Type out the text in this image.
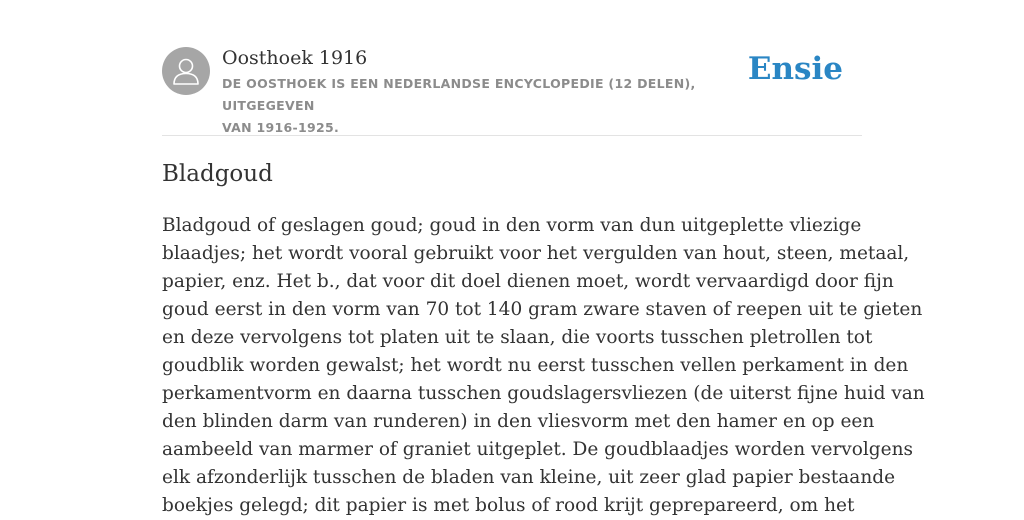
Oosthoek 1916
DE OOSTHOEK IS EEN NEDERLANDSE ENCYCLOPEDIE (12 DELEN), UITGEGEVEN
VAN 1916-1925.
Ensie
Bladgoud
Bladgoud of geslagen goud; goud in den vorm van dun uitgeplette vliezige
blaadjes; het wordt vooral gebruikt voor het vergulden van hout, steen, metaal,
papier, enz. Het b., dat voor dit doel dienen moet, wordt vervaardigd door fijn
goud eerst in den vorm van 70 tot 140 gram zware staven of reepen uit te gieten
en deze vervolgens tot platen uit te slaan, die voorts tusschen pletrollen tot
goudblik worden gewalst; het wordt nu eerst tusschen vellen perkament in den
perkamentvorm en daarna tusschen goudslagersvliezen (de uiterst fijne huid van
den blinden darm van runderen) in den vliesvorm met den hamer en op een
aambeeld van marmer of graniet uitgeplet. De goudblaadjes worden vervolgens
elk afzonderlijk tusschen de bladen van kleine, uit zeer glad papier bestaande
boekjes gelegd; dit papier is met bolus of rood krijt geprepareerd, om het
